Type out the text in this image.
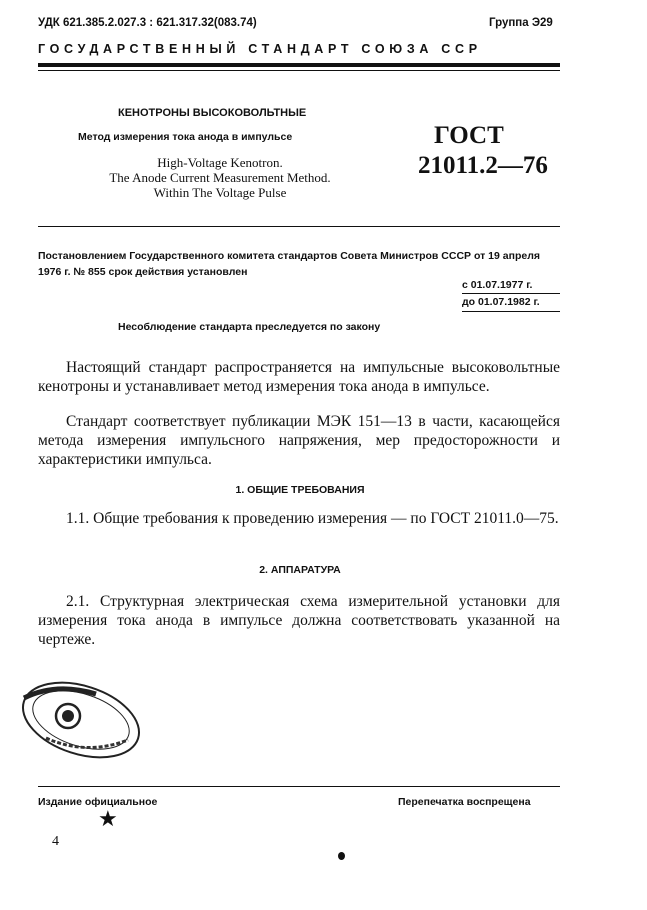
УДК 621.385.2.027.3 : 621.317.32(083.74)	Группа Э29
ГОСУДАРСТВЕННЫЙ СТАНДАРТ СОЮЗА ССР
КЕНОТРОНЫ ВЫСОКОВОЛЬТНЫЕ
Метод измерения тока анода в импульсе
High-Voltage Kenotron.
The Anode Current Measurement Method.
Within The Voltage Pulse
ГОСТ
21011.2—76
Постановлением Государственного комитета стандартов Совета Министров СССР от 19 апреля 1976 г. № 855 срок действия установлен
с 01.07.1977 г.
до 01.07.1982 г.
Несоблюдение стандарта преследуется по закону
Настоящий стандарт распространяется на импульсные высоковольтные кенотроны и устанавливает метод измерения тока анода в импульсе.
Стандарт соответствует публикации МЭК 151—13 в части, касающейся метода измерения импульсного напряжения, мер предосторожности и характеристики импульса.
1. ОБЩИЕ ТРЕБОВАНИЯ
1.1. Общие требования к проведению измерения — по ГОСТ 21011.0—75.
2. АППАРАТУРА
2.1. Структурная электрическая схема измерительной установки для измерения тока анода в импульсе должна соответствовать указанной на чертеже.
Издание официальное	Перепечатка воспрещена
★
4
